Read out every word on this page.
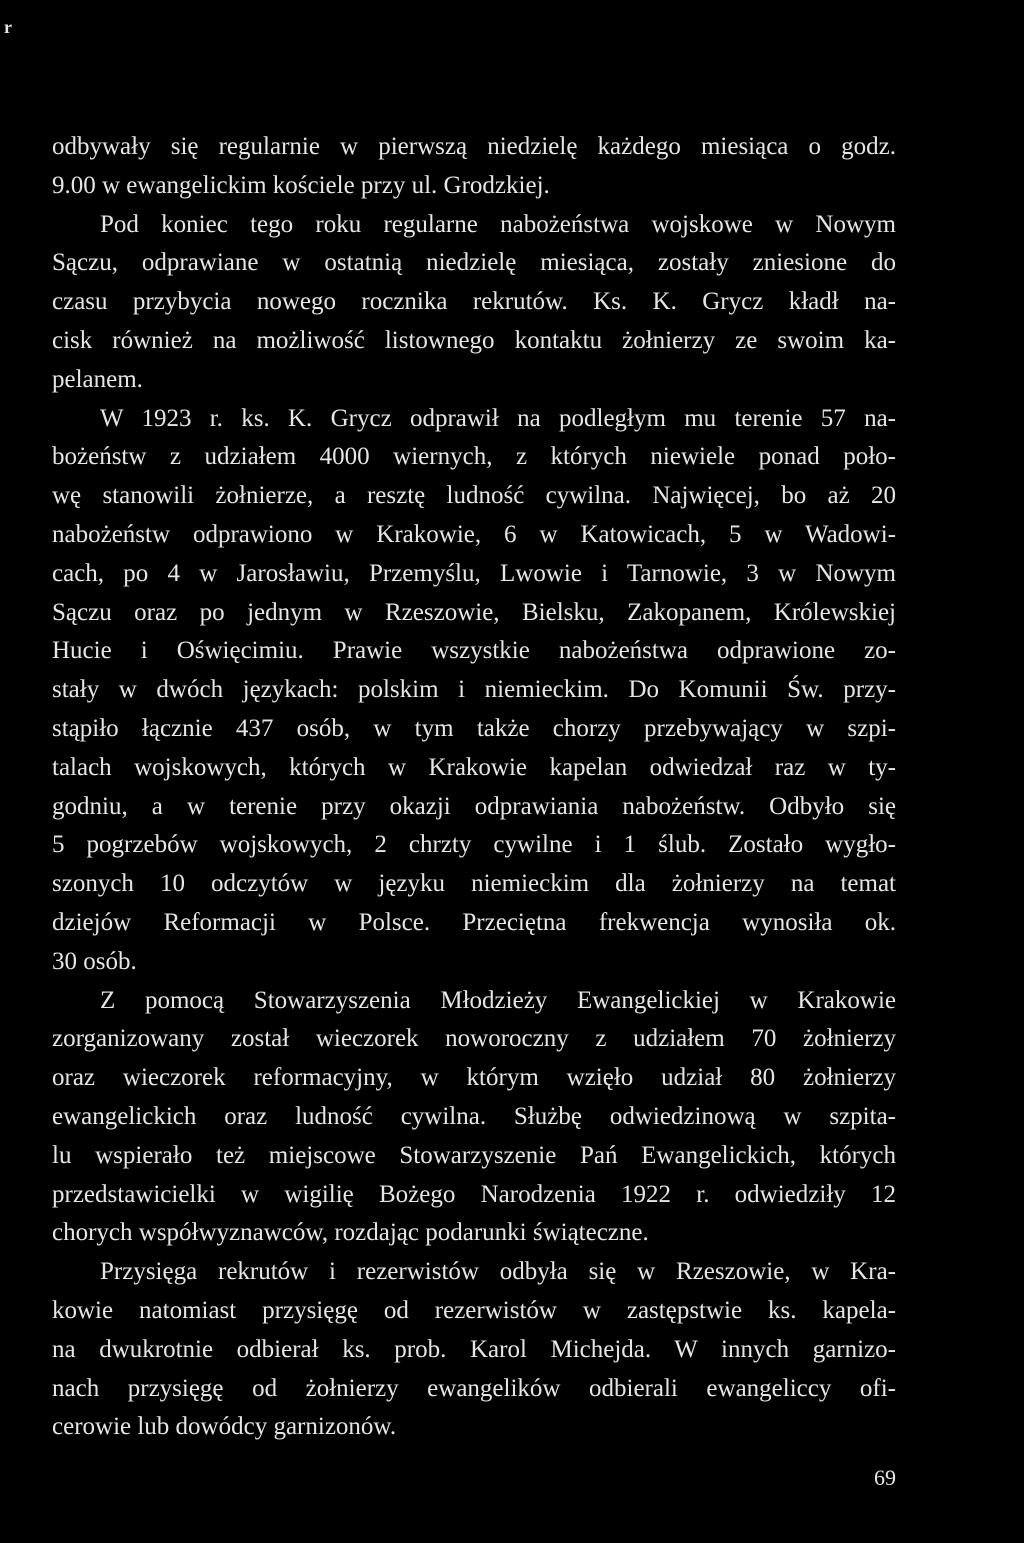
r
odbywały się regularnie w pierwszą niedzielę każdego miesiąca o godz.
9.00 w ewangelickim kościele przy ul. Grodzkiej.
Pod koniec tego roku regularne nabożeństwa wojskowe w Nowym
Sączu, odprawiane w ostatnią niedzielę miesiąca, zostały zniesione do
czasu przybycia nowego rocznika rekrutów. Ks. K. Grycz kładł na-
cisk również na możliwość listownego kontaktu żołnierzy ze swoim ka-
pelanem.
W 1923 r. ks. K. Grycz odprawił na podległym mu terenie 57 na-
bożeństw z udziałem 4000 wiernych, z których niewiele ponad poło-
wę stanowili żołnierze, a resztę ludność cywilna. Najwięcej, bo aż 20
nabożeństw odprawiono w Krakowie, 6 w Katowicach, 5 w Wadowi-
cach, po 4 w Jarosławiu, Przemyślu, Lwowie i Tarnowie, 3 w Nowym
Sączu oraz po jednym w Rzeszowie, Bielsku, Zakopanem, Królewskiej
Hucie i Oświęcimiu. Prawie wszystkie nabożeństwa odprawione zo-
stały w dwóch językach: polskim i niemieckim. Do Komunii Św. przy-
stąpiło łącznie 437 osób, w tym także chorzy przebywający w szpi-
talach wojskowych, których w Krakowie kapelan odwiedzał raz w ty-
godniu, a w terenie przy okazji odprawiania nabożeństw. Odbyło się
5 pogrzebów wojskowych, 2 chrzty cywilne i 1 ślub. Zostało wygło-
szonych 10 odczytów w języku niemieckim dla żołnierzy na temat
dziejów Reformacji w Polsce. Przeciętna frekwencja wynosiła ok.
30 osób.
Z pomocą Stowarzyszenia Młodzieży Ewangelickiej w Krakowie
zorganizowany został wieczorek noworoczny z udziałem 70 żołnierzy
oraz wieczorek reformacyjny, w którym wzięło udział 80 żołnierzy
ewangelickich oraz ludność cywilna. Służbę odwiedzinową w szpita-
lu wspierało też miejscowe Stowarzyszenie Pań Ewangelickich, których
przedstawicielki w wigilię Bożego Narodzenia 1922 r. odwiedziły 12
chorych współwyznawców, rozdając podarunki świąteczne.
Przysięga rekrutów i rezerwistów odbyła się w Rzeszowie, w Kra-
kowie natomiast przysięgę od rezerwistów w zastępstwie ks. kapela-
na dwukrotnie odbierał ks. prob. Karol Michejda. W innych garnizo-
nach przysięgę od żołnierzy ewangelików odbierali ewangeliccy ofi-
cerowie lub dowódcy garnizonów.
69
